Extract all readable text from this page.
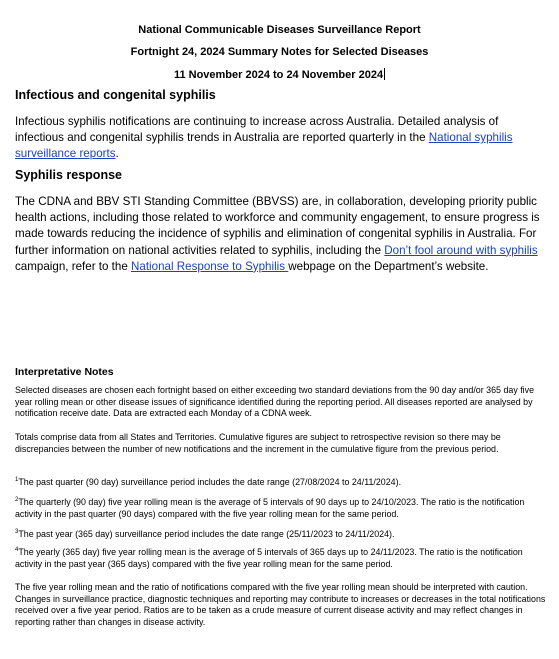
National Communicable Diseases Surveillance Report
Fortnight 24, 2024 Summary Notes for Selected Diseases
11 November 2024 to 24 November 2024
Infectious and congenital syphilis
Infectious syphilis notifications are continuing to increase across Australia. Detailed analysis of infectious and congenital syphilis trends in Australia are reported quarterly in the National syphilis surveillance reports.
Syphilis response
The CDNA and BBV STI Standing Committee (BBVSS) are, in collaboration, developing priority public health actions, including those related to workforce and community engagement, to ensure progress is made towards reducing the incidence of syphilis and elimination of congenital syphilis in Australia. For further information on national activities related to syphilis, including the Don’t fool around with syphilis campaign, refer to the National Response to Syphilis webpage on the Department’s website.
Interpretative Notes
Selected diseases are chosen each fortnight based on either exceeding two standard deviations from the 90 day and/or 365 day five year rolling mean or other disease issues of significance identified during the reporting period. All diseases reported are analysed by notification receive date. Data are extracted each Monday of a CDNA week.
Totals comprise data from all States and Territories. Cumulative figures are subject to retrospective revision so there may be discrepancies between the number of new notifications and the increment in the cumulative figure from the previous period.
$^1$The past quarter (90 day) surveillance period includes the date range (27/08/2024 to 24/11/2024).
$^2$The quarterly (90 day) five year rolling mean is the average of 5 intervals of 90 days up to 24/10/2023. The ratio is the notification activity in the past quarter (90 days) compared with the five year rolling mean for the same period.
$^3$The past year (365 day) surveillance period includes the date range (25/11/2023 to 24/11/2024).
$^4$The yearly (365 day) five year rolling mean is the average of 5 intervals of 365 days up to 24/11/2023. The ratio is the notification activity in the past year (365 days) compared with the five year rolling mean for the same period.
The five year rolling mean and the ratio of notifications compared with the five year rolling mean should be interpreted with caution. Changes in surveillance practice, diagnostic techniques and reporting may contribute to increases or decreases in the total notifications received over a five year period. Ratios are to be taken as a crude measure of current disease activity and may reflect changes in reporting rather than changes in disease activity.
